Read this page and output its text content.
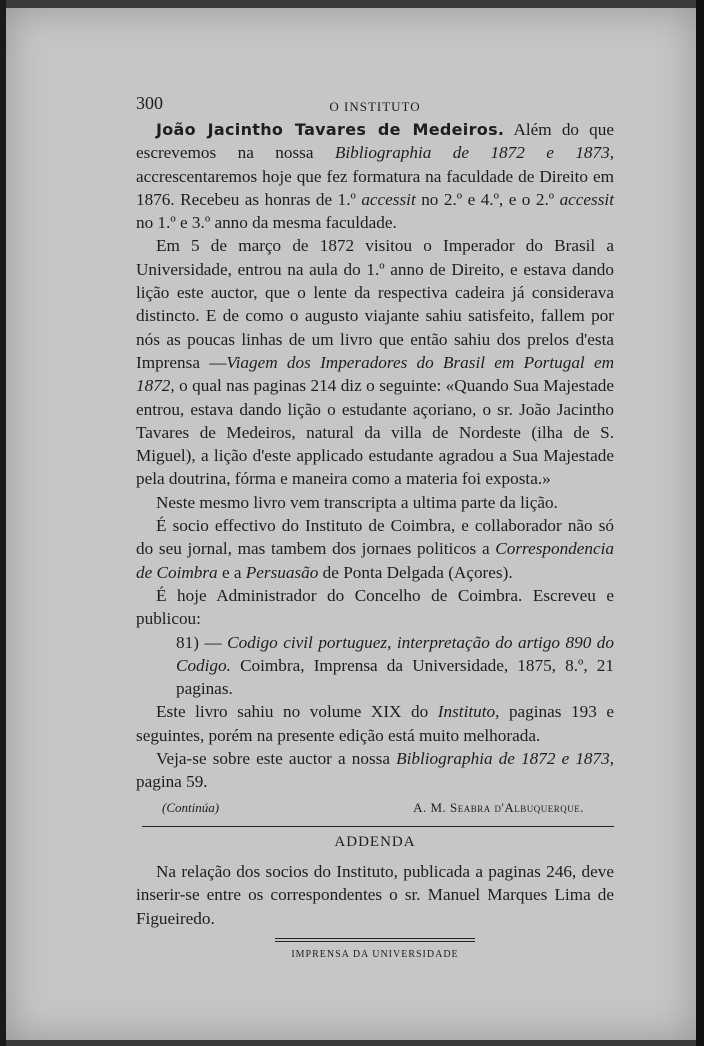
300	O INSTITUTO

João Jacintho Tavares de Medeiros. Além do que escrevemos na nossa Bibliographia de 1872 e 1873, accrescentaremos hoje que fez formatura na faculdade de Direito em 1876. Recebeu as honras de 1.º accessit no 2.º e 4.º, e o 2.º accessit no 1.º e 3.º anno da mesma faculdade.

Em 5 de março de 1872 visitou o Imperador do Brasil a Universidade, entrou na aula do 1.º anno de Direito, e estava dando lição este auctor, que o lente da respectiva cadeira já considerava distincto. E de como o augusto viajante sahiu satisfeito, fallem por nós as poucas linhas de um livro que então sahiu dos prelos d'esta Imprensa —Viagem dos Imperadores do Brasil em Portugal em 1872, o qual nas paginas 214 diz o seguinte: «Quando Sua Majestade entrou, estava dando lição o estudante açoriano, o sr. João Jacintho Tavares de Medeiros, natural da villa de Nordeste (ilha de S. Miguel), a lição d'este applicado estudante agradou a Sua Majestade pela doutrina, fórma e maneira como a materia foi exposta.»

Neste mesmo livro vem transcripta a ultima parte da lição.

É socio effectivo do Instituto de Coimbra, e collaborador não só do seu jornal, mas tambem dos jornaes politicos a Correspondencia de Coimbra e a Persuasão de Ponta Delgada (Açores).

É hoje Administrador do Concelho de Coimbra. Escreveu e publicou:

81) — Codigo civil portuguez, interpretação do artigo 890 do Codigo. Coimbra, Imprensa da Universidade, 1875, 8.º, 21 paginas.

Este livro sahiu no volume XIX do Instituto, paginas 193 e seguintes, porém na presente edição está muito melhorada.

Veja-se sobre este auctor a nossa Bibliographia de 1872 e 1873, pagina 59.

(Continúa)	A. M. Seabra d'Albuquerque.
ADDENDA

Na relação dos socios do Instituto, publicada a paginas 246, deve inserir-se entre os correspondentes o sr. Manuel Marques Lima de Figueiredo.

IMPRENSA DA UNIVERSIDADE
